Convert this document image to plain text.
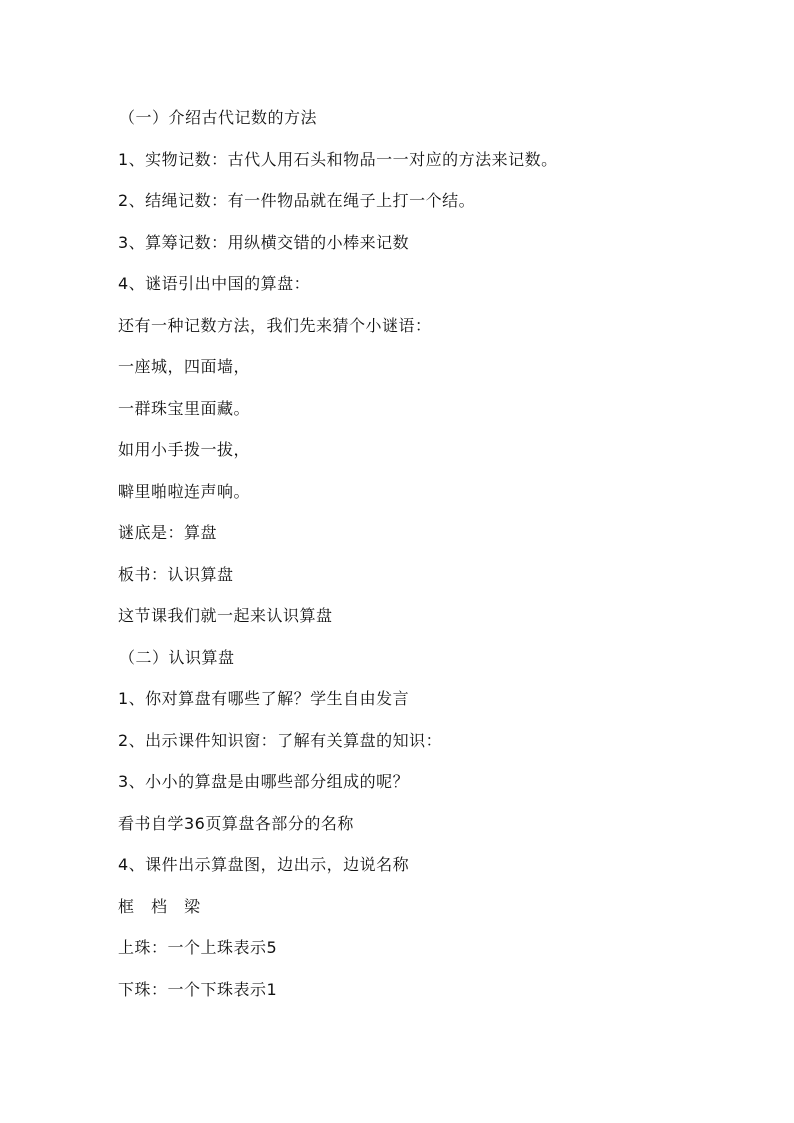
（一）介绍古代记数的方法
1、实物记数：古代人用石头和物品一一对应的方法来记数。
2、结绳记数：有一件物品就在绳子上打一个结。
3、算筹记数：用纵横交错的小棒来记数
4、谜语引出中国的算盘：
还有一种记数方法，我们先来猜个小谜语：
一座城，四面墙，
一群珠宝里面藏。
如用小手拨一拔，
噼里啪啦连声响。
谜底是：算盘
板书：认识算盘
这节课我们就一起来认识算盘
（二）认识算盘
1、你对算盘有哪些了解？学生自由发言
2、出示课件知识窗：了解有关算盘的知识：
3、小小的算盘是由哪些部分组成的呢？
看书自学36页算盘各部分的名称
4、课件出示算盘图，边出示，边说名称
框　档　梁
上珠：一个上珠表示5
下珠：一个下珠表示1
